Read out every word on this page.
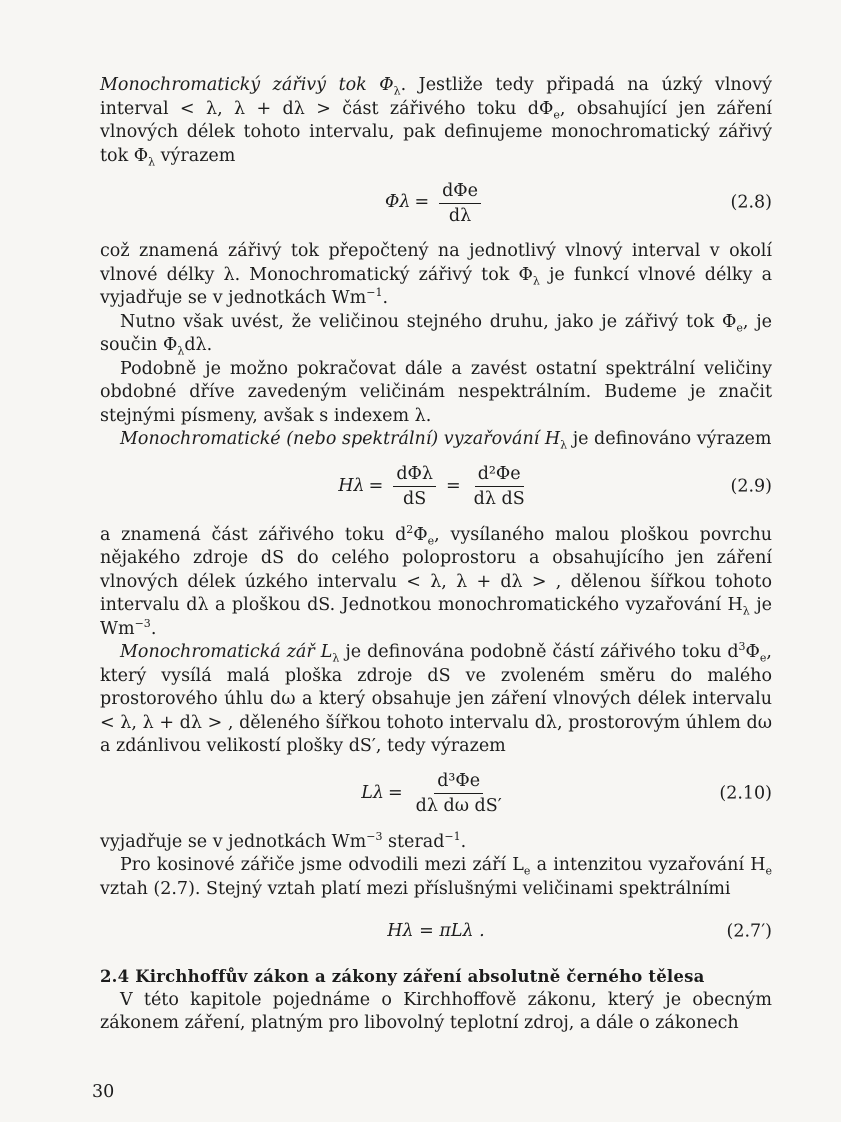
Monochromatický zářivý tok $\Phi_\lambda$. Jestliže tedy připadá na úzký vlnový interval < λ, λ + dλ > část zářivého toku $d\Phi_e$, obsahující jen záření vlnových délek tohoto intervalu, pak definujeme monochromatický zářivý tok $\Phi_\lambda$ výrazem

$\Phi\lambda = \frac{\text{dΦe}}{d\lambda}$	(2.8)

což znamená zářivý tok přepočtený na jednotlivý vlnový interval v okolí vlnové délky λ. Monochromatický zářivý tok $\Phi_\lambda$ je funkcí vlnové délky a vyjadřuje se v jednotkách $Wm^{-1}$.

Nutno však uvést, že veličinou stejného druhu, jako je zářivý tok $\Phi_e$, je součin $\Phi_\lambda d\lambda$.

Podobně je možno pokračovat dále a zavést ostatní spektrální veličiny obdobné dříve zavedeným veličinám nespektrálním. Budeme je značit stejnými písmeny, avšak s indexem λ.

Monochromatické (nebo spektrální) vyzařování $H_\lambda$ je definováno výrazem

$H\lambda = \frac{\text{dΦλ}}{dS} = \frac{\text{d²Φe}}{\text{dλ dS}}$	(2.9)

a znamená část zářivého toku $d^2\Phi_e$, vysílaného malou ploškou povrchu nějakého zdroje dS do celého poloprostoru a obsahujícího jen záření vlnových délek úzkého intervalu < λ, λ + dλ > , dělenou šířkou tohoto intervalu dλ a ploškou dS. Jednotkou monochromatického vyzařování $H_\lambda$ je $Wm^{-3}$.

Monochromatická zář $L_\lambda$ je definována podobně částí zářivého toku $d^3\Phi_e$, který vysílá malá ploška zdroje dS ve zvoleném směru do malého prostorového úhlu dω a který obsahuje jen záření vlnových délek intervalu < λ, λ + dλ > , děleného šířkou tohoto intervalu dλ, prostorovým úhlem dω a zdánlivou velikostí plošky dS′, tedy výrazem

$L\lambda = \frac{\text{d³Φe}}{\text{dλ dω dS′}}$	(2.10)

vyjadřuje se v jednotkách $Wm^{-3}$ sterad$^{-1}$.

Pro kosinové zářiče jsme odvodili mezi září $L_e$ a intenzitou vyzařování $H_e$ vztah (2.7). Stejný vztah platí mezi příslušnými veličinami spektrálními

Hλ = πLλ .	(2.7′)

2.4 Kirchhoffův zákon a zákony záření absolutně černého tělesa

V této kapitole pojednáme o Kirchhoffově zákonu, který je obecným zákonem záření, platným pro libovolný teplotní zdroj, a dále o zákonech

30
